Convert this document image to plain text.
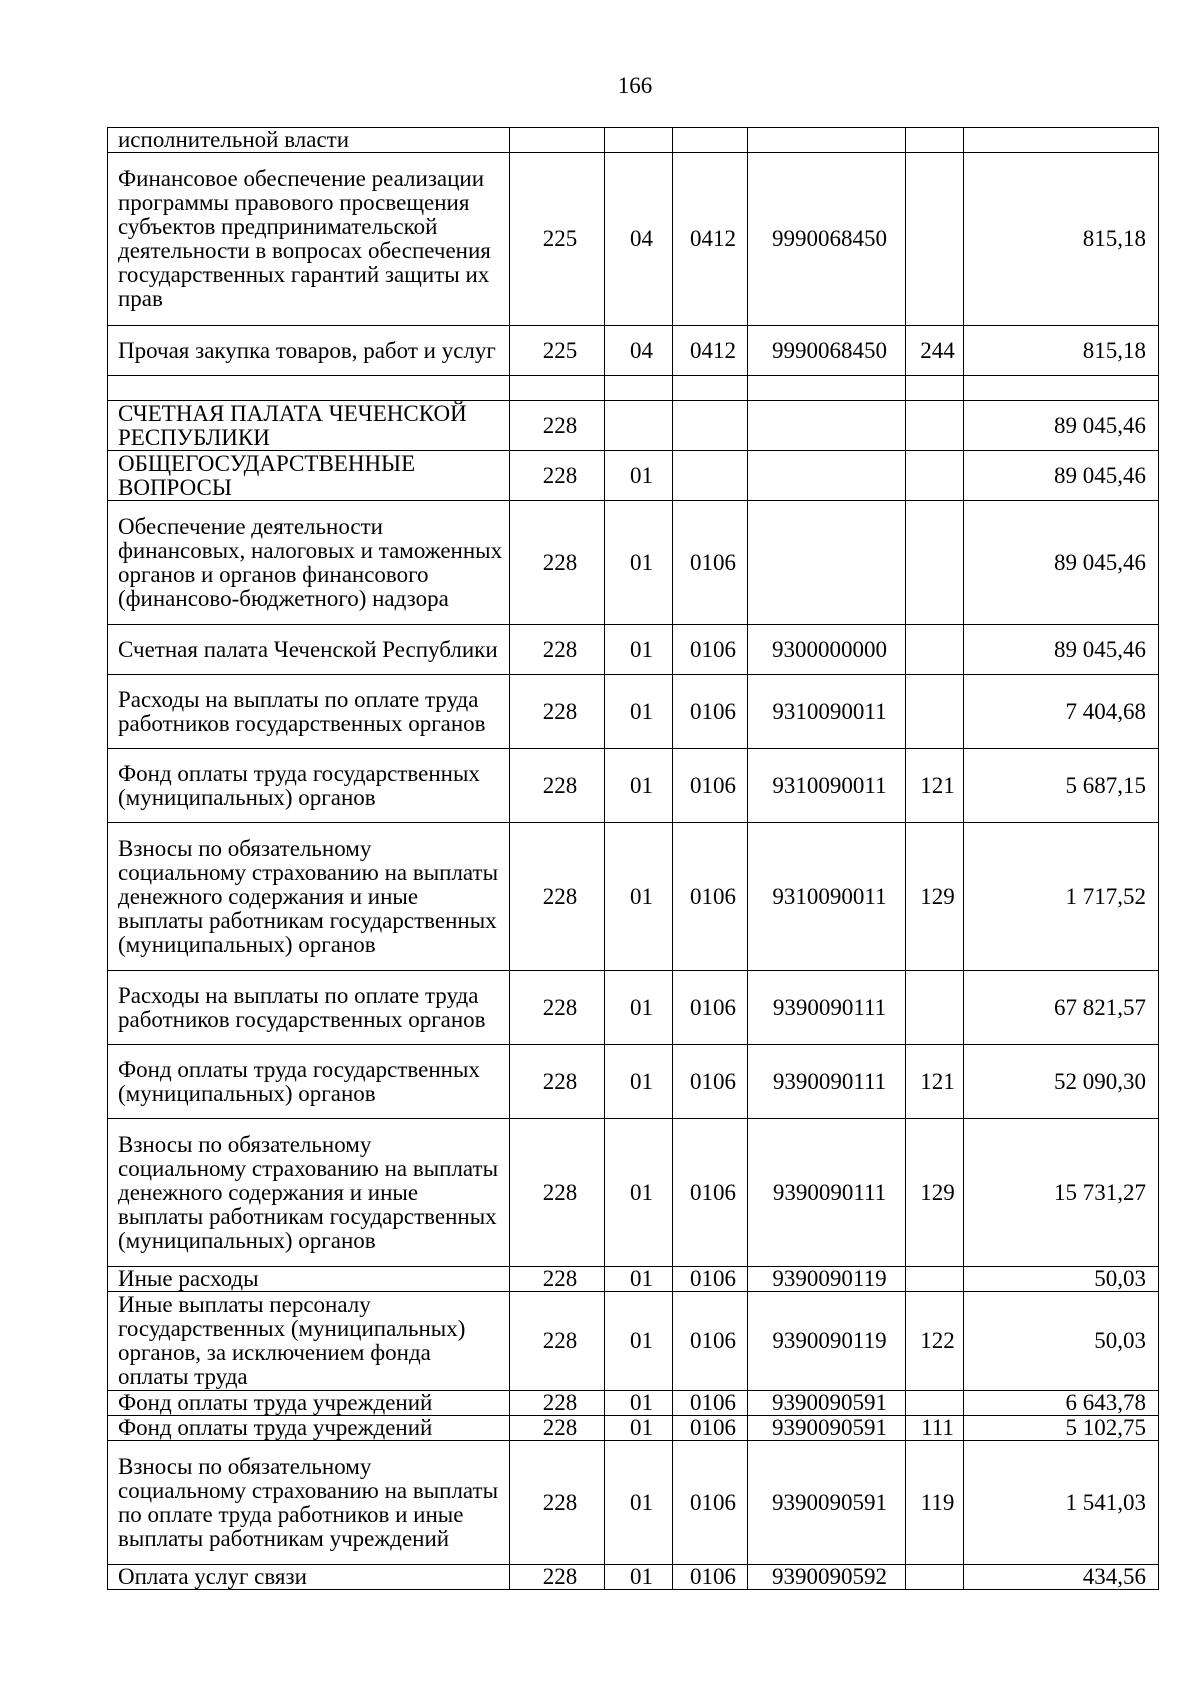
166
исполнительной власти						
Финансовое обеспечение реализации программы правового просвещения субъектов предпринимательской деятельности в вопросах обеспечения государственных гарантий защиты их прав	225	04	0412	9990068450		815,18
Прочая закупка товаров, работ и услуг	225	04	0412	9990068450	244	815,18

СЧЕТНАЯ ПАЛАТА ЧЕЧЕНСКОЙ РЕСПУБЛИКИ	228					89 045,46
ОБЩЕГОСУДАРСТВЕННЫЕ ВОПРОСЫ	228	01				89 045,46
Обеспечение деятельности финансовых, налоговых и таможенных органов и органов финансового (финансово-бюджетного) надзора	228	01	0106			89 045,46
Счетная палата Чеченской Республики	228	01	0106	9300000000		89 045,46
Расходы на выплаты по оплате труда работников государственных органов	228	01	0106	9310090011		7 404,68
Фонд оплаты труда государственных (муниципальных) органов	228	01	0106	9310090011	121	5 687,15
Взносы по обязательному социальному страхованию на выплаты денежного содержания и иные выплаты работникам государственных (муниципальных) органов	228	01	0106	9310090011	129	1 717,52
Расходы на выплаты по оплате труда работников государственных органов	228	01	0106	9390090111		67 821,57
Фонд оплаты труда государственных (муниципальных) органов	228	01	0106	9390090111	121	52 090,30
Взносы по обязательному социальному страхованию на выплаты денежного содержания и иные выплаты работникам государственных (муниципальных) органов	228	01	0106	9390090111	129	15 731,27
Иные расходы	228	01	0106	9390090119		50,03
Иные выплаты персоналу государственных (муниципальных) органов, за исключением фонда оплаты труда	228	01	0106	9390090119	122	50,03
Фонд оплаты труда учреждений	228	01	0106	9390090591		6 643,78
Фонд оплаты труда учреждений	228	01	0106	9390090591	111	5 102,75
Взносы по обязательному социальному страхованию на выплаты по оплате труда работников и иные выплаты работникам учреждений	228	01	0106	9390090591	119	1 541,03
Оплата услуг связи	228	01	0106	9390090592		434,56
